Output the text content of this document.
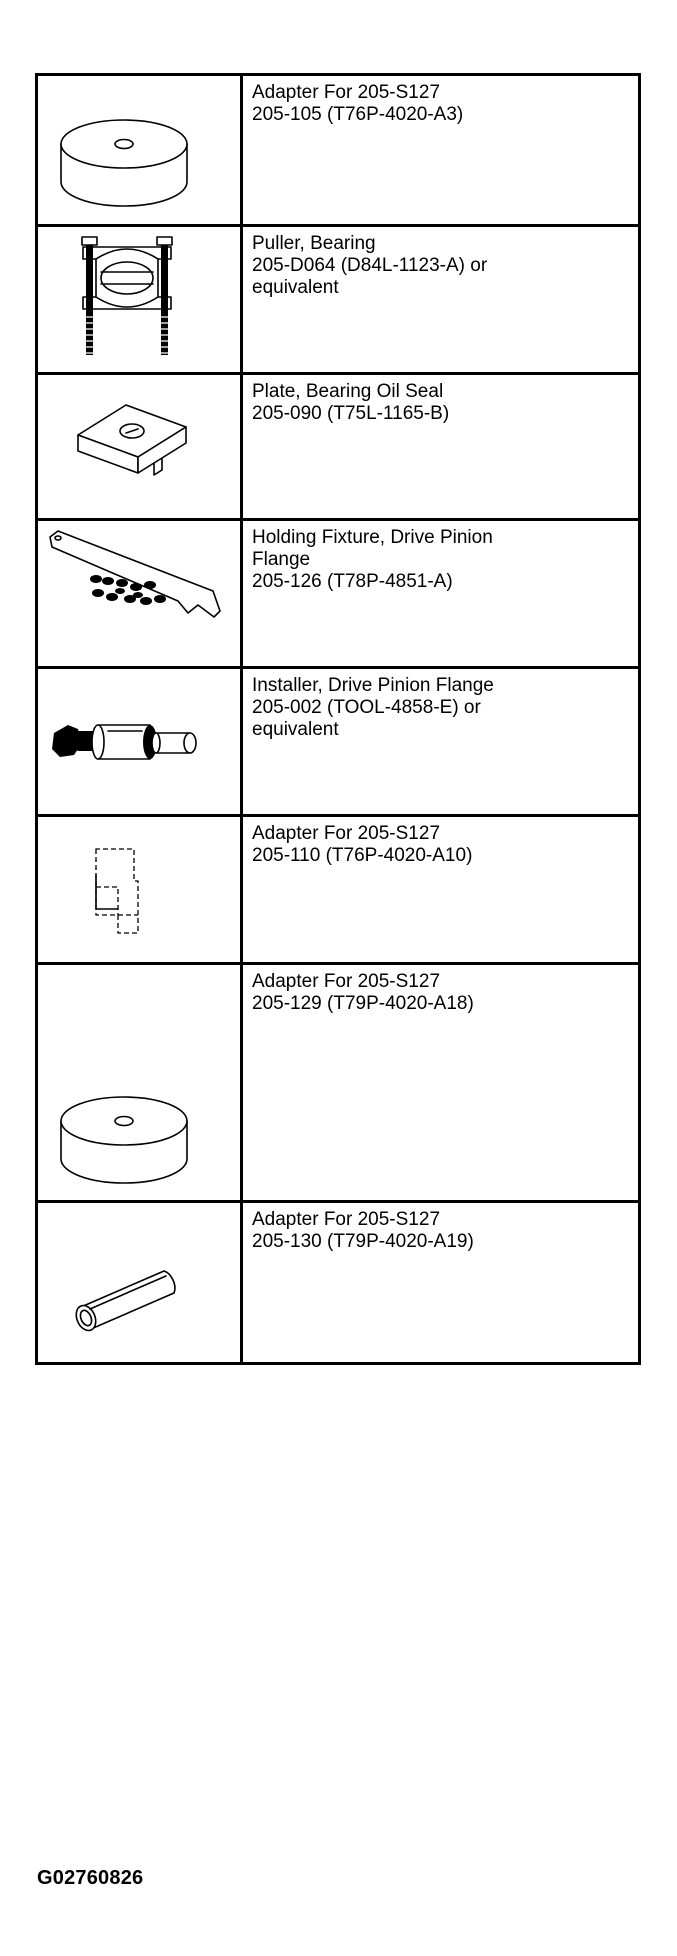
Adapter For 205-S127
205-105 (T76P-4020-A3)

Puller, Bearing
205-D064 (D84L-1123-A) or
equivalent

Plate, Bearing Oil Seal
205-090 (T75L-1165-B)

Holding Fixture, Drive Pinion
Flange
205-126 (T78P-4851-A)

Installer, Drive Pinion Flange
205-002 (TOOL-4858-E) or
equivalent

Adapter For 205-S127
205-110 (T76P-4020-A10)

Adapter For 205-S127
205-129 (T79P-4020-A18)

Adapter For 205-S127
205-130 (T79P-4020-A19)
G02760826
